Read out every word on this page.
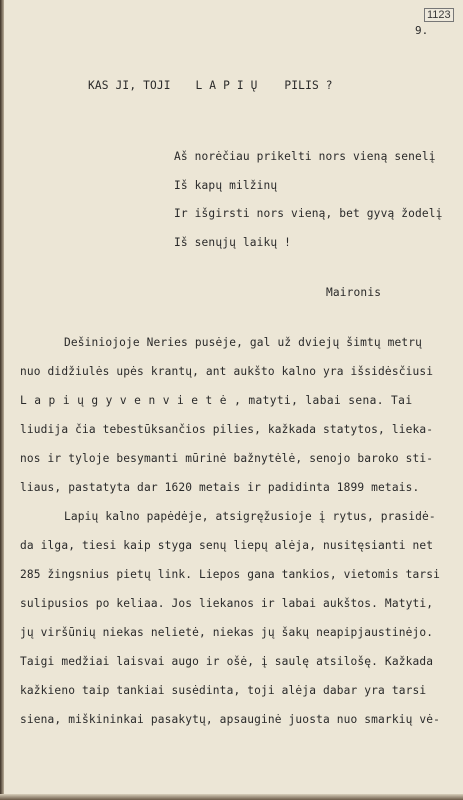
1123
9.
KAS JI, TOJI L A P I Ų PILIS ?
Aš norėčiau prikelti nors vieną senelį
Iš kapų milžinų
Ir išgirsti nors vieną, bet gyvą žodelį
Iš senųjų laikų !
Maironis
Dešiniojoje Neries pusėje, gal už dviejų šimtų metrų
nuo didžiulės upės krantų, ant aukšto kalno yra išsidėsčiusi
L a p i ų g y v e n v i e t ė , matyti, labai sena. Tai
liudija čia tebestūksančios pilies, kažkada statytos, lieka-
nos ir tyloje besymanti mūrinė bažnytėlė, senojo baroko sti-
liaus, pastatyta dar 1620 metais ir padidinta 1899 metais.
Lapių kalno papėdėje, atsigręžusioje į rytus, prasidė-
da ilga, tiesi kaip styga senų liepų alėja, nusitęsianti net
285 žingsnius pietų link. Liepos gana tankios, vietomis tarsi
sulipusios po keliaa. Jos liekanos ir labai aukštos. Matyti,
jų viršūnių niekas nelietė, niekas jų šakų neapipjaustinėjo.
Taigi medžiai laisvai augo ir ošė, į saulę atsilošę. Kažkada
kažkieno taip tankiai susėdinta, toji alėja dabar yra tarsi
siena, miškininkai pasakytų, apsauginė juosta nuo smarkių vė-
